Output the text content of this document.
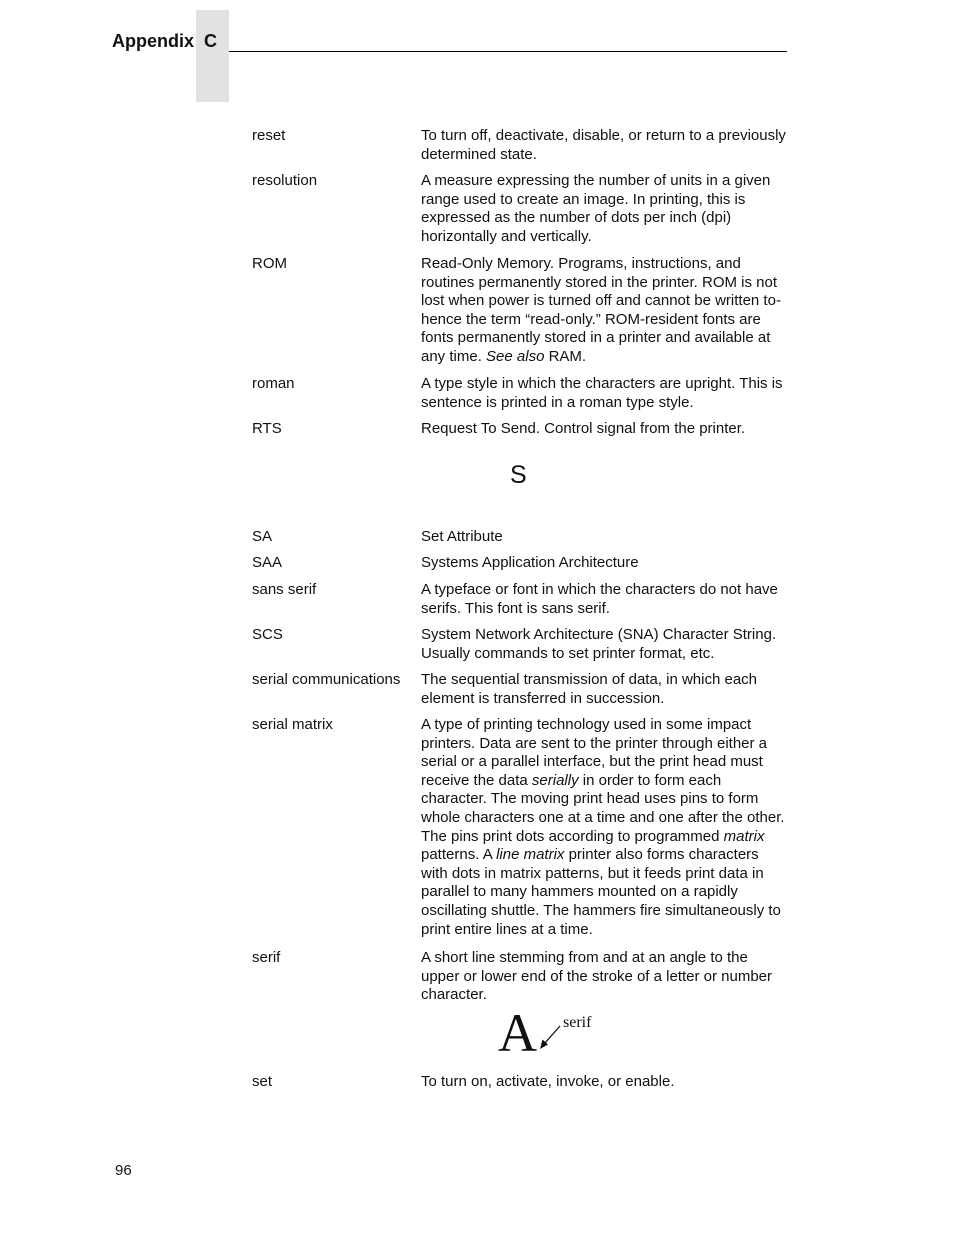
Appendix C
reset	To turn off, deactivate, disable, or return to a previously determined state.
resolution	A measure expressing the number of units in a given range used to create an image. In printing, this is expressed as the number of dots per inch (dpi) horizontally and vertically.
ROM	Read-Only Memory. Programs, instructions, and routines permanently stored in the printer. ROM is not lost when power is turned off and cannot be written to-hence the term “read-only.” ROM-resident fonts are fonts permanently stored in a printer and available at any time. See also RAM.
roman	A type style in which the characters are upright. This is sentence is printed in a roman type style.
RTS	Request To Send. Control signal from the printer.
S
SA	Set Attribute
SAA	Systems Application Architecture
sans serif	A typeface or font in which the characters do not have serifs. This font is sans serif.
SCS	System Network Architecture (SNA) Character String. Usually commands to set printer format, etc.
serial communications	The sequential transmission of data, in which each element is transferred in succession.
serial matrix	A type of printing technology used in some impact printers. Data are sent to the printer through either a serial or a parallel interface, but the print head must receive the data serially in order to form each character. The moving print head uses pins to form whole characters one at a time and one after the other. The pins print dots according to programmed matrix patterns. A line matrix printer also forms characters with dots in matrix patterns, but it feeds print data in parallel to many hammers mounted on a rapidly oscillating shuttle. The hammers fire simultaneously to print entire lines at a time.
serif	A short line stemming from and at an angle to the upper or lower end of the stroke of a letter or number character.
A serif
set	To turn on, activate, invoke, or enable.
96
